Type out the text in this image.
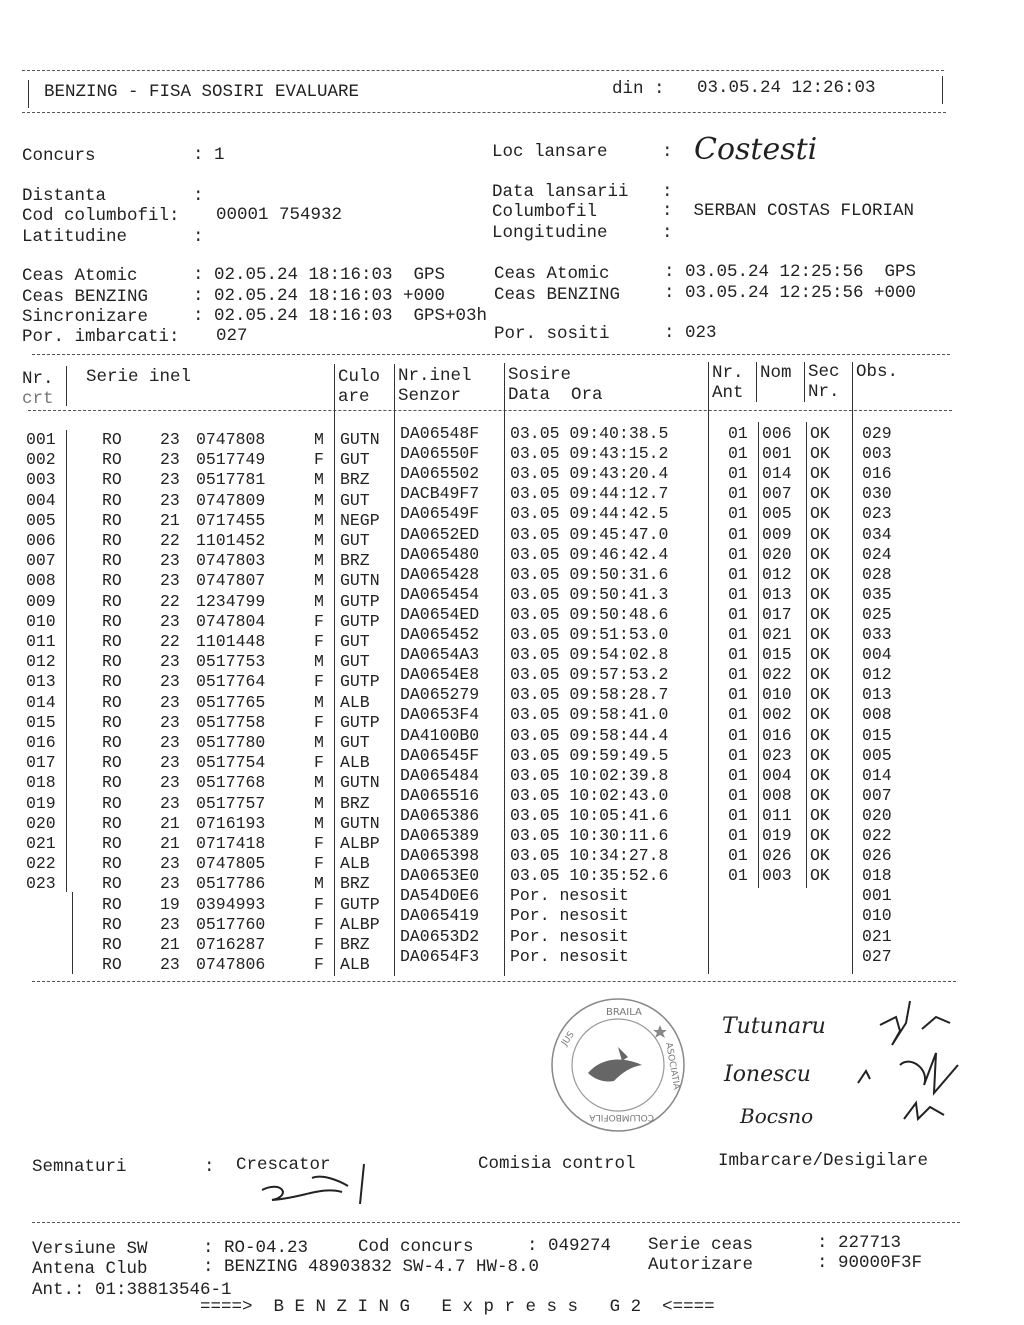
BENZING - FISA SOSIRI EVALUARE	din : 03.05.24 12:26:03
Concurs	: 1	Loc lansare	: Costesti
Distanta	:	Data lansarii :
Cod columbofil: 00001 754932	Columbofil	:  SERBAN COSTAS FLORIAN
Latitudine	:	Longitudine	:
Ceas Atomic	: 02.05.24 18:16:03  GPS	Ceas Atomic	: 03.05.24 12:25:56  GPS
Ceas BENZING	: 02.05.24 18:16:03 +000	Ceas BENZING	: 03.05.24 12:25:56 +000
Sincronizare	: 02.05.24 18:16:03  GPS+03h
Por. imbarcati: 027	Por. sositi	: 023
Nr.
crt
Serie inel	Culo
are
Nr.inel
Senzor
Sosire
Data  Ora
Nr.
Ant
Nom Sec
Nr.
Obs.
001	RO 23 0747808	M GUTN DA06548F 03.05 09:40:38.5	01 006 OK 029
002	RO 23 0517749	F GUT DA06550F 03.05 09:43:15.2	01 001 OK 003
003	RO 23 0517781	M BRZ DA065502 03.05 09:43:20.4	01 014 OK 016
004	RO 23 0747809	M GUT DACB49F7 03.05 09:44:12.7	01 007 OK 030
005	RO 21 0717455	M NEGP DA06549F 03.05 09:44:42.5	01 005 OK 023
006	RO 22 1101452	M GUT DA0652ED 03.05 09:45:47.0	01 009 OK 034
007	RO 23 0747803	M BRZ DA065480 03.05 09:46:42.4	01 020 OK 024
008	RO 23 0747807	M GUTN DA065428 03.05 09:50:31.6	01 012 OK 028
009	RO 22 1234799	M GUTP DA065454 03.05 09:50:41.3	01 013 OK 035
010	RO 23 0747804	F GUTP DA0654ED 03.05 09:50:48.6	01 017 OK 025
011	RO 22 1101448	F GUT DA065452 03.05 09:51:53.0	01 021 OK 033
012	RO 23 0517753	M GUT DA0654A3 03.05 09:54:02.8	01 015 OK 004
013	RO 23 0517764	F GUTP DA0654E8 03.05 09:57:53.2	01 022 OK 012
014	RO 23 0517765	M ALB DA065279 03.05 09:58:28.7	01 010 OK 013
015	RO 23 0517758	F GUTP DA0653F4 03.05 09:58:41.0	01 002 OK 008
016	RO 23 0517780	M GUT DA4100B0 03.05 09:58:44.4	01 016 OK 015
017	RO 23 0517754	F ALB DA06545F 03.05 09:59:49.5	01 023 OK 005
018	RO 23 0517768	M GUTN DA065484 03.05 10:02:39.8	01 004 OK 014
019	RO 23 0517757	M BRZ DA065516 03.05 10:02:43.0	01 008 OK 007
020	RO 21 0716193	M GUTN DA065386 03.05 10:05:41.6	01 011 OK 020
021	RO 21 0717418	F ALBP DA065389 03.05 10:30:11.6	01 019 OK 022
022	RO 23 0747805	F ALB DA065398 03.05 10:34:27.8	01 026 OK 026
023	RO 23 0517786	M BRZ DA0653E0 03.05 10:35:52.6	01 003 OK 018
RO 19 0394993	F GUTP DA54D0E6 Por. nesosit	001
RO 23 0517760	F ALBP DA065419 Por. nesosit	010
RO 21 0716287	F BRZ DA0653D2 Por. nesosit	021
RO 23 0747806	F ALB DA0654F3 Por. nesosit	027
BRAILA
JUS
ASOCIATIA
COLUMBOFILA
Tutunaru
Ionescu
Bocsno
Semnaturi	: Crescator	Comisia control	Imbarcare/Desigilare
Versiune SW	: RO-04.23	Cod concurs	: 049274 Serie ceas	: 227713
Antena Club	: BENZING 48903832 SW-4.7 HW-8.0	Autorizare	: 90000F3F
Ant.: 01:38813546-1
====>  B E N Z I N G   E x p r e s s   G 2  <====
